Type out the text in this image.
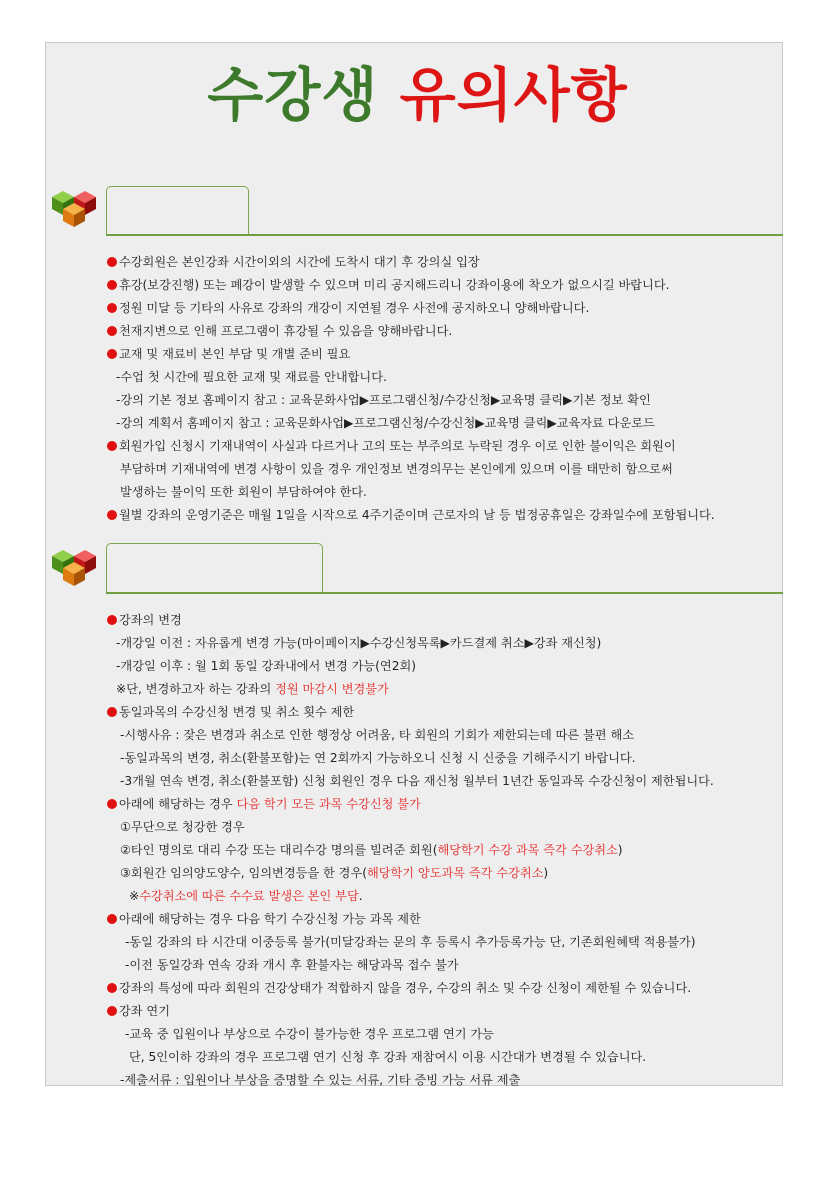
수강생 유의사항
수강회원은 본인강좌 시간이외의 시간에 도착시 대기 후 강의실 입장
휴강(보강진행) 또는 폐강이 발생할 수 있으며 미리 공지해드리니 강좌이용에 착오가 없으시길 바랍니다.
정원 미달 등 기타의 사유로 강좌의 개강이 지연될 경우 사전에 공지하오니 양해바랍니다.
천재지변으로 인해 프로그램이 휴강될 수 있음을 양해바랍니다.
교재 및 재료비 본인 부담 및 개별 준비 필요
-수업 첫 시간에 필요한 교재 및 재료를 안내합니다.
-강의 기본 정보 홈페이지 참고 : 교육문화사업▶프로그램신청/수강신청▶교육명 클릭▶기본 정보 확인
-강의 계획서 홈페이지 참고 : 교육문화사업▶프로그램신청/수강신청▶교육명 클릭▶교육자료 다운로드
회원가입 신청시 기재내역이 사실과 다르거나 고의 또는 부주의로 누락된 경우 이로 인한 불이익은 회원이
부담하며 기재내역에 변경 사항이 있을 경우 개인정보 변경의무는 본인에게 있으며 이를 태만히 함으로써
발생하는 불이익 또한 회원이 부담하여야 한다.
월별 강좌의 운영기준은 매월 1일을 시작으로 4주기준이며 근로자의 날 등 법정공휴일은 강좌일수에 포함됩니다.
강좌의 변경
-개강일 이전 : 자유롭게 변경 가능(마이페이지▶수강신청목록▶카드결제 취소▶강좌 재신청)
-개강일 이후 : 월 1회 동일 강좌내에서 변경 가능(연2회)
※단, 변경하고자 하는 강좌의 정원 마감시 변경불가
동일과목의 수강신청 변경 및 취소 횟수 제한
-시행사유 : 잦은 변경과 취소로 인한 행정상 어려움, 타 회원의 기회가 제한되는데 따른 불편 해소
-동일과목의 변경, 취소(환불포함)는 연 2회까지 가능하오니 신청 시 신중을 기해주시기 바랍니다.
-3개월 연속 변경, 취소(환불포함) 신청 회원인 경우 다음 재신청 월부터 1년간 동일과목 수강신청이 제한됩니다.
아래에 해당하는 경우 다음 학기 모든 과목 수강신청 불가
①무단으로 청강한 경우
②타인 명의로 대리 수강 또는 대리수강 명의를 빌려준 회원(해당학기 수강 과목 즉각 수강취소)
③회원간 임의양도양수, 임의변경등을 한 경우(해당학기 양도과목 즉각 수강취소)
※수강취소에 따른 수수료 발생은 본인 부담.
아래에 해당하는 경우 다음 학기 수강신청 가능 과목 제한
-동일 강좌의 타 시간대 이중등록 불가(미달강좌는 문의 후 등록시 추가등록가능 단, 기존회원혜택 적용불가)
-이전 동일강좌 연속 강좌 개시 후 환불자는 해당과목 접수 불가
강좌의 특성에 따라 회원의 건강상태가 적합하지 않을 경우, 수강의 취소 및 수강 신청이 제한될 수 있습니다.
강좌 연기
-교육 중 입원이나 부상으로 수강이 불가능한 경우 프로그램 연기 가능
단, 5인이하 강좌의 경우 프로그램 연기 신청 후 강좌 재참여시 이용 시간대가 변경될 수 있습니다.
-제출서류 : 입원이나 부상을 증명할 수 있는 서류, 기타 증빙 가능 서류 제출
